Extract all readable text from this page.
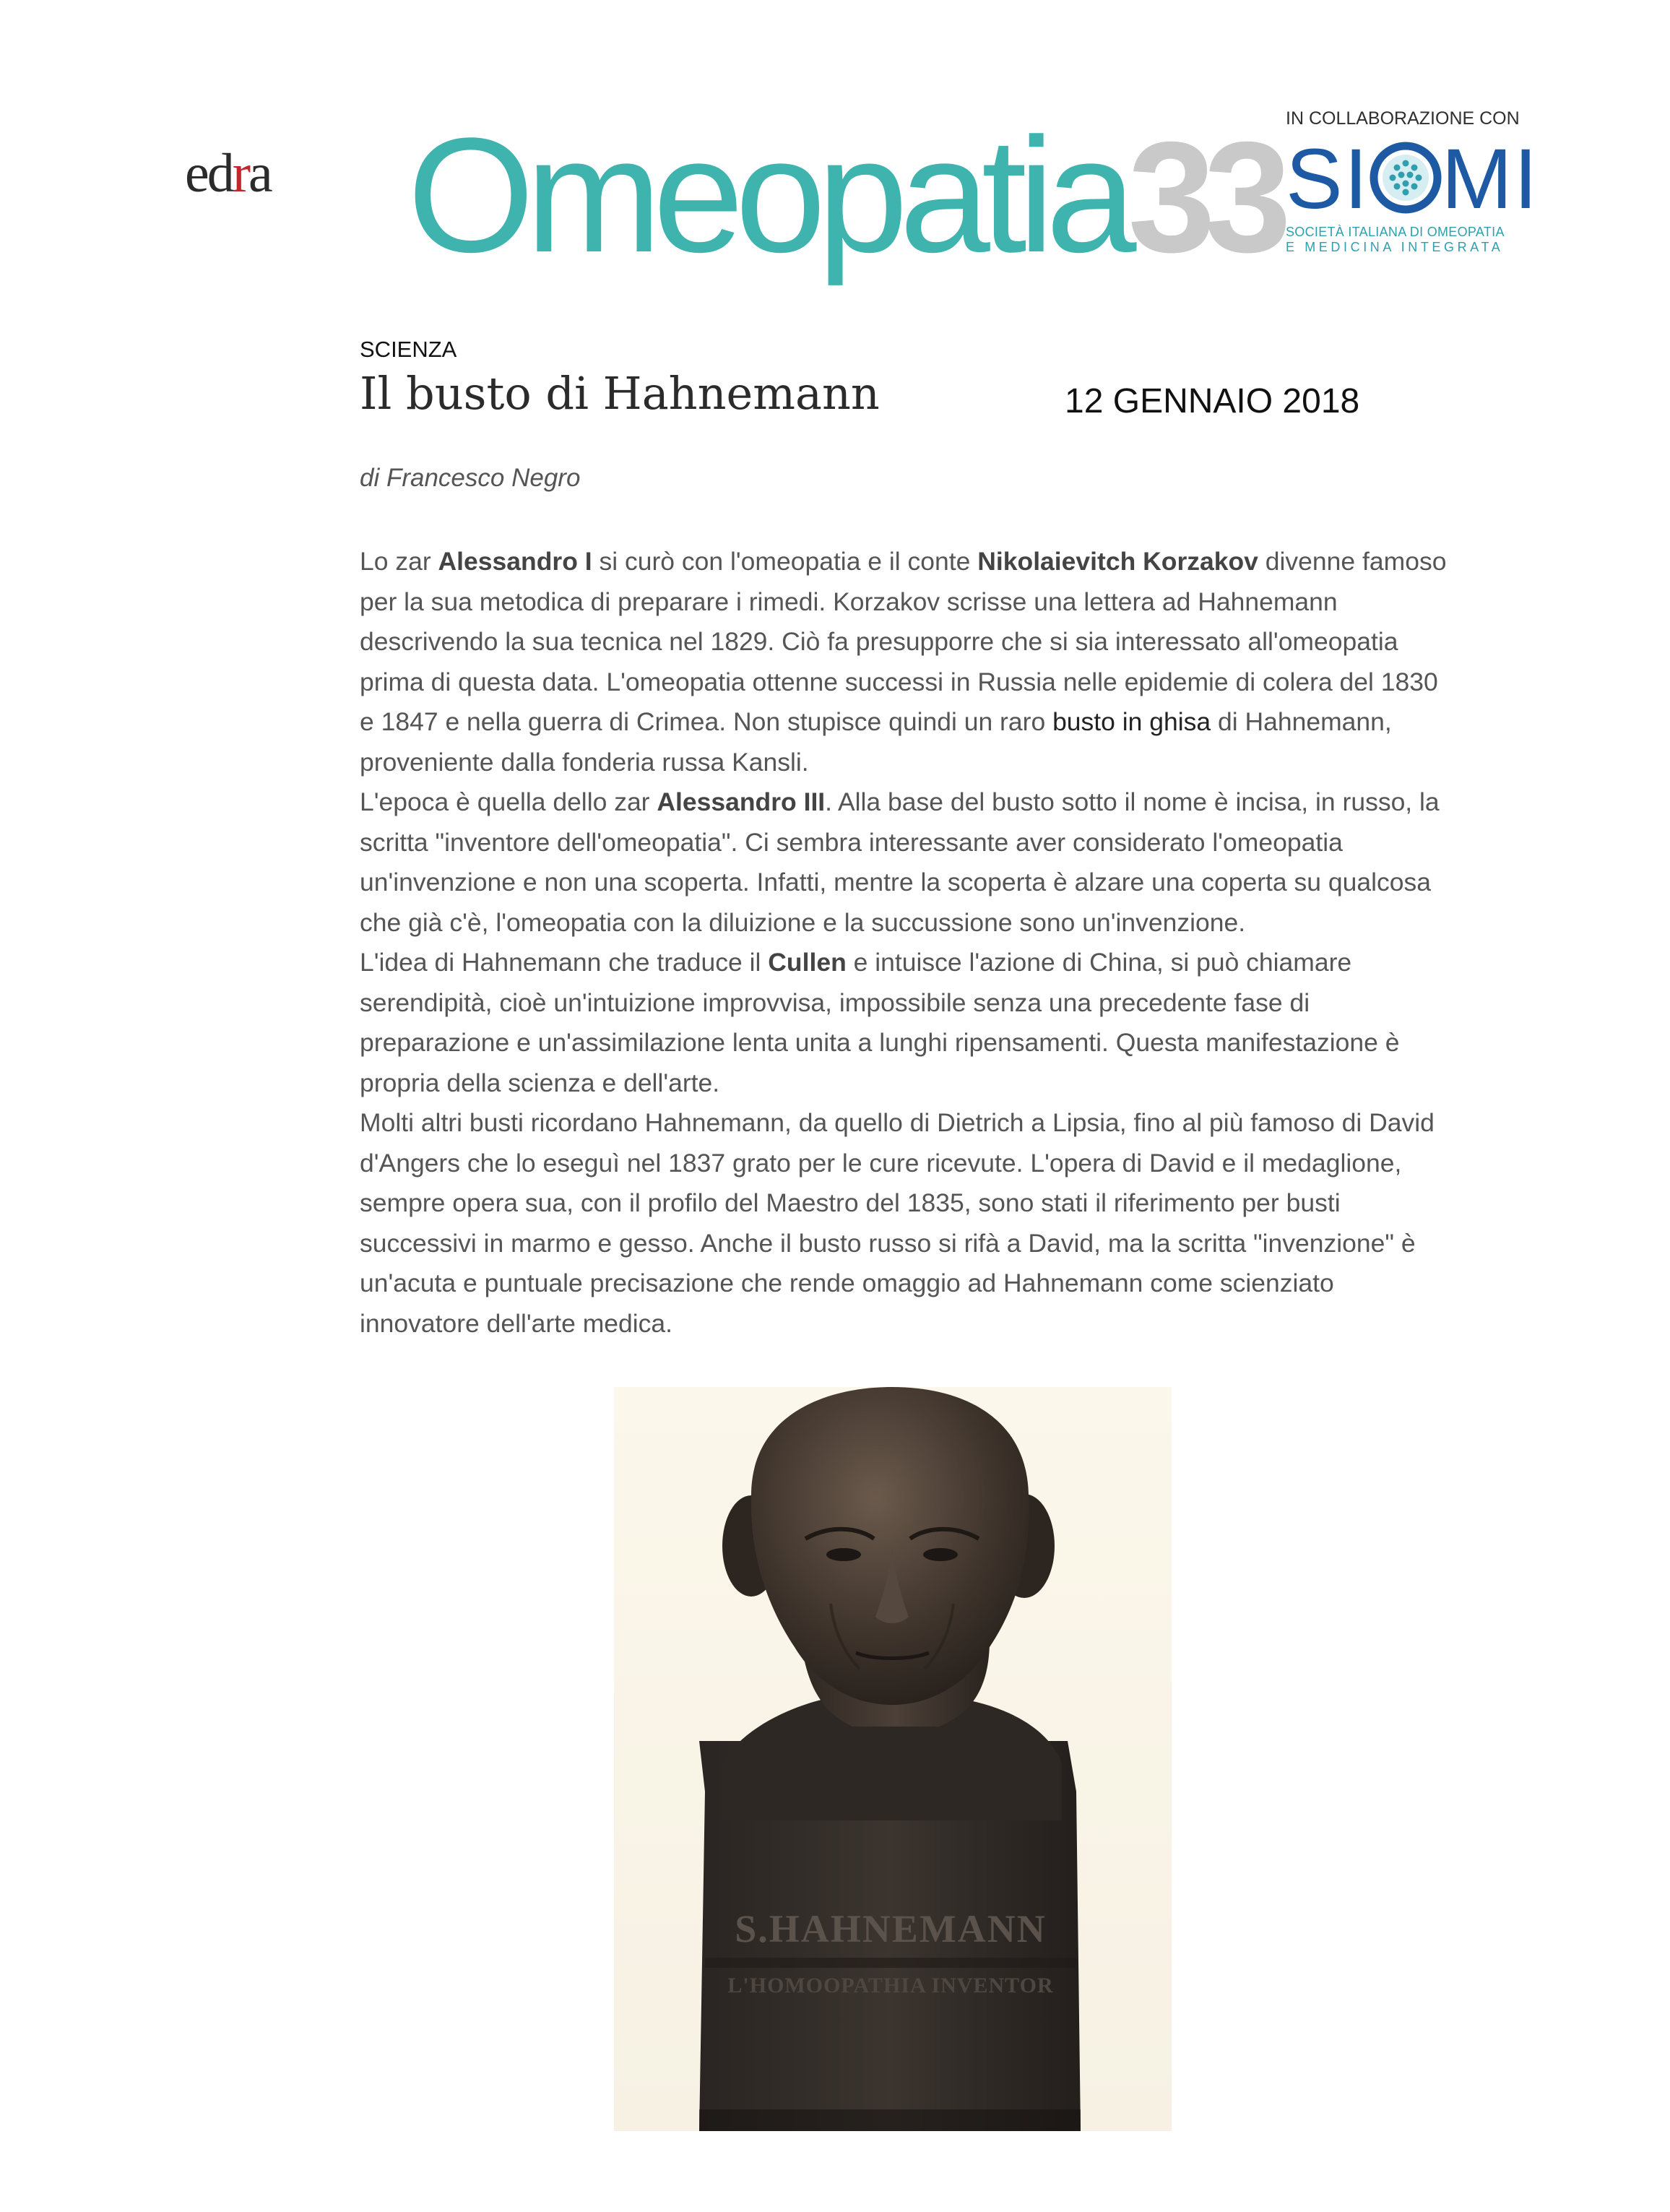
edra Omeopatia33 IN COLLABORAZIONE CON
SI MI
SOCIETÀ ITALIANA DI OMEOPATIA
E MEDICINA INTEGRATA
SCIENZA
Il busto di Hahnemann	12 GENNAIO 2018
di Francesco Negro

Lo zar Alessandro I si curò con l'omeopatia e il conte Nikolaievitch Korzakov divenne famoso per la sua metodica di preparare i rimedi. Korzakov scrisse una lettera ad Hahnemann descrivendo la sua tecnica nel 1829. Ciò fa presupporre che si sia interessato all'omeopatia prima di questa data. L'omeopatia ottenne successi in Russia nelle epidemie di colera del 1830 e 1847 e nella guerra di Crimea. Non stupisce quindi un raro busto in ghisa di Hahnemann, proveniente dalla fonderia russa Kansli.

L'epoca è quella dello zar Alessandro III. Alla base del busto sotto il nome è incisa, in russo, la scritta "inventore dell'omeopatia". Ci sembra interessante aver considerato l'omeopatia un'invenzione e non una scoperta. Infatti, mentre la scoperta è alzare una coperta su qualcosa che già c'è, l'omeopatia con la diluizione e la succussione sono un'invenzione.

L'idea di Hahnemann che traduce il Cullen e intuisce l'azione di China, si può chiamare serendipità, cioè un'intuizione improvvisa, impossibile senza una precedente fase di preparazione e un'assimilazione lenta unita a lunghi ripensamenti. Questa manifestazione è propria della scienza e dell'arte.

Molti altri busti ricordano Hahnemann, da quello di Dietrich a Lipsia, fino al più famoso di David d'Angers che lo eseguì nel 1837 grato per le cure ricevute. L'opera di David e il medaglione, sempre opera sua, con il profilo del Maestro del 1835, sono stati il riferimento per busti successivi in marmo e gesso. Anche il busto russo si rifà a David, ma la scritta "invenzione" è un'acuta e puntuale precisazione che rende omaggio ad Hahnemann come scienziato innovatore dell'arte medica.

S.HAHNEMANN
L'HOMOOPATHIA INVENTOR
